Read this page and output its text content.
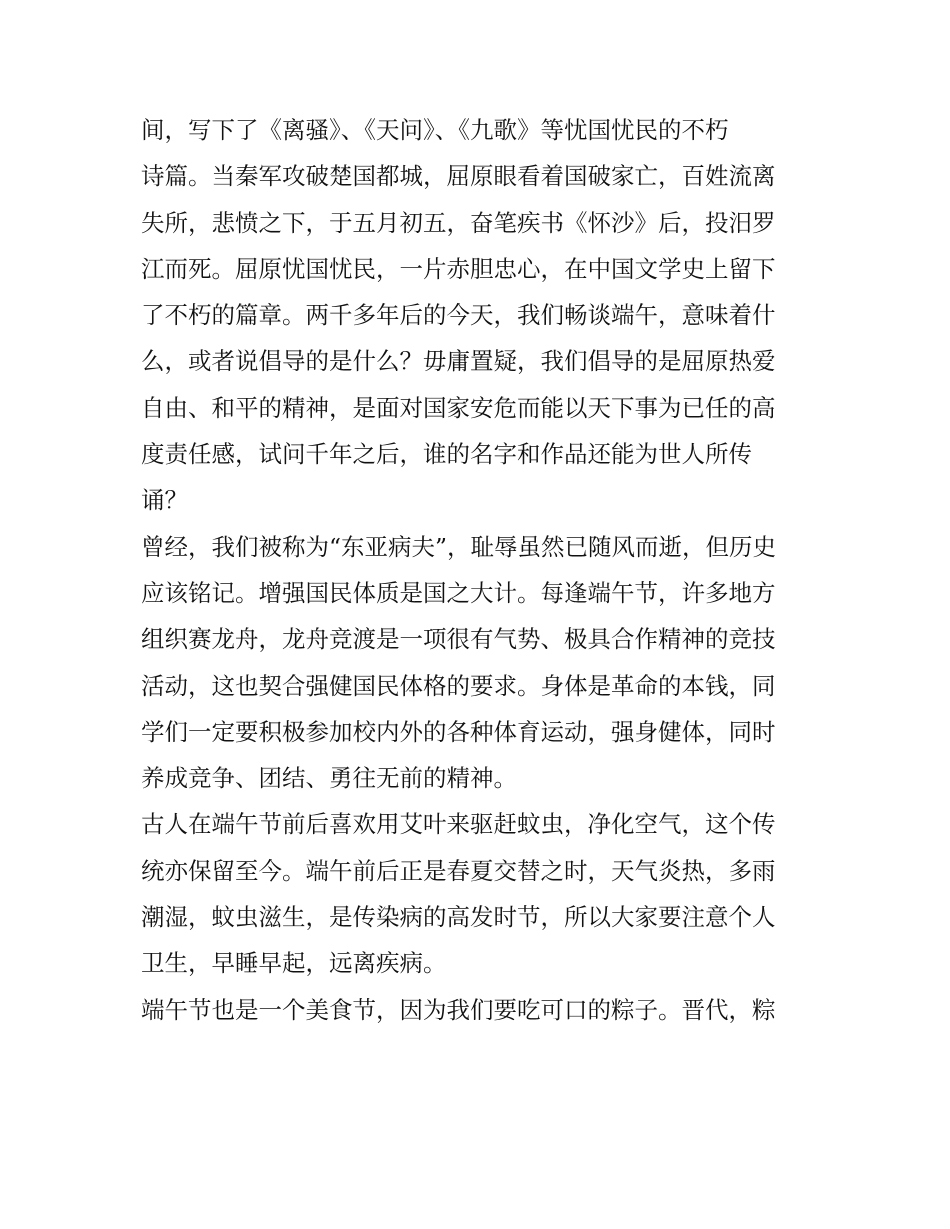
间，写下了《离骚》、《天问》、《九歌》等忧国忧民的不朽
诗篇。当秦军攻破楚国都城，屈原眼看着国破家亡，百姓流离
失所，悲愤之下，于五月初五，奋笔疾书《怀沙》后，投汨罗
江而死。屈原忧国忧民，一片赤胆忠心，在中国文学史上留下
了不朽的篇章。两千多年后的今天，我们畅谈端午，意味着什
么，或者说倡导的是什么？毋庸置疑，我们倡导的是屈原热爱
自由、和平的精神，是面对国家安危而能以天下事为已任的高
度责任感，试问千年之后，谁的名字和作品还能为世人所传
诵？
曾经，我们被称为“东亚病夫”，耻辱虽然已随风而逝，但历史
应该铭记。增强国民体质是国之大计。每逢端午节，许多地方
组织赛龙舟，龙舟竞渡是一项很有气势、极具合作精神的竞技
活动，这也契合强健国民体格的要求。身体是革命的本钱，同
学们一定要积极参加校内外的各种体育运动，强身健体，同时
养成竞争、团结、勇往无前的精神。
古人在端午节前后喜欢用艾叶来驱赶蚊虫，净化空气，这个传
统亦保留至今。端午前后正是春夏交替之时，天气炎热，多雨
潮湿，蚊虫滋生，是传染病的高发时节，所以大家要注意个人
卫生，早睡早起，远离疾病。
端午节也是一个美食节，因为我们要吃可口的粽子。晋代，粽
